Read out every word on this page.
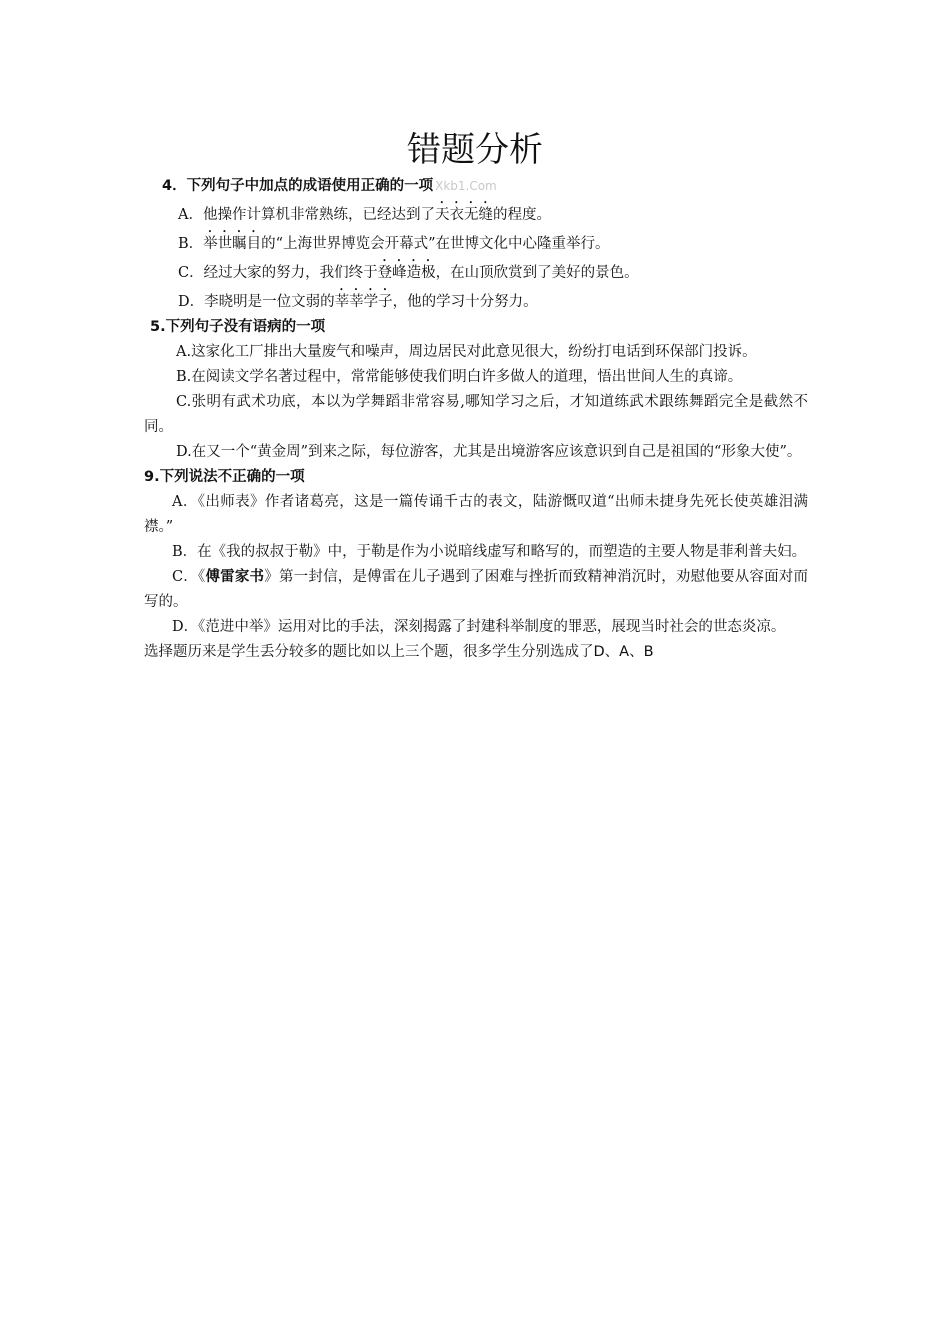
错题分析
4．下列句子中加点的成语使用正确的一项 Xkb1.Com
A．他操作计算机非常熟练，已经达到了天衣无缝的程度。
B．举世瞩目的“上海世界博览会开幕式”在世博文化中心隆重举行。
C．经过大家的努力，我们终于登峰造极，在山顶欣赏到了美好的景色。
D．李晓明是一位文弱的莘莘学子，他的学习十分努力。
5.下列句子没有语病的一项
A.这家化工厂排出大量废气和噪声，周边居民对此意见很大，纷纷打电话到环保部门投诉。
B.在阅读文学名著过程中，常常能够使我们明白许多做人的道理，悟出世间人生的真谛。
C.张明有武术功底，本以为学舞蹈非常容易,哪知学习之后，才知道练武术跟练舞蹈完全是截然不同。
D.在又一个“黄金周”到来之际，每位游客，尤其是出境游客应该意识到自己是祖国的“形象大使”。
9.下列说法不正确的一项
A．《出师表》作者诸葛亮，这是一篇传诵千古的表文，陆游慨叹道“出师未捷身先死长使英雄泪满襟。”
B．在《我的叔叔于勒》中，于勒是作为小说暗线虚写和略写的，而塑造的主要人物是菲利普夫妇。
C．《傅雷家书》第一封信，是傅雷在儿子遇到了困难与挫折而致精神消沉时，劝慰他要从容面对而写的。
D．《范进中举》运用对比的手法，深刻揭露了封建科举制度的罪恶，展现当时社会的世态炎凉。
选择题历来是学生丢分较多的题比如以上三个题，很多学生分别选成了D、A、B
